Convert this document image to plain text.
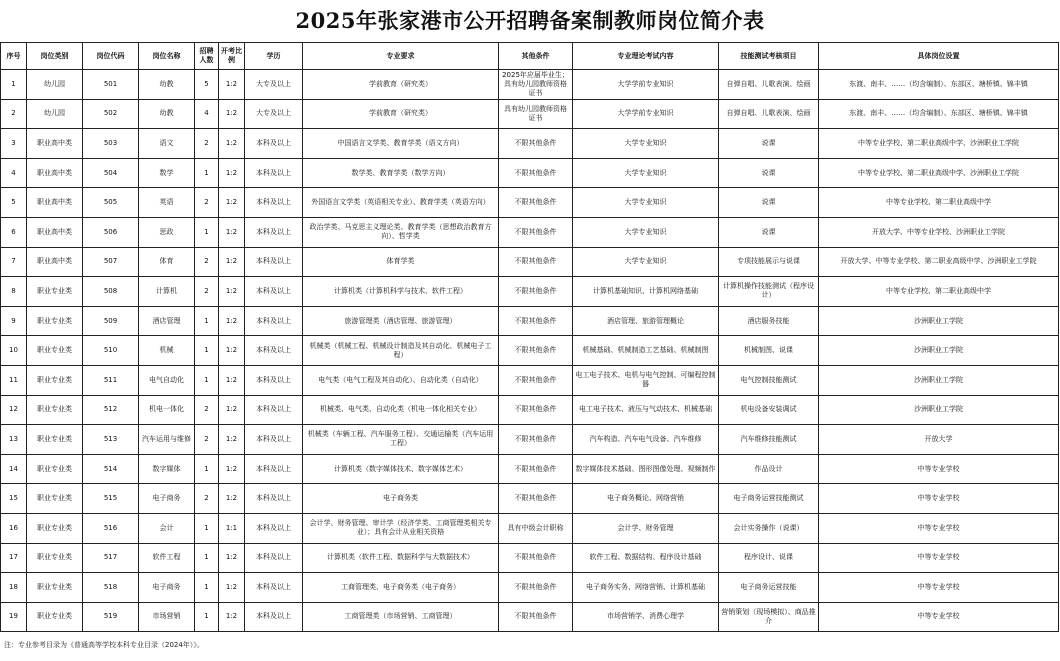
2025年张家港市公开招聘备案制教师岗位简介表
序号	岗位类别	岗位代码	岗位名称	招聘人数	开考比例	学历	专业要求	其他条件	专业理论考试内容	技能测试考核项目	具体岗位设置
1	幼儿园	501	幼教	5	1:2	大专及以上	学前教育（研究类）	2025年应届毕业生；具有幼儿园教师资格证书	大学学前专业知识	自弹自唱、儿歌表演、绘画	东渡、南丰、……（均含编制）、东部区、塘桥镇、锦丰镇
2	幼儿园	502	幼教	4	1:2	大专及以上	学前教育（研究类）	具有幼儿园教师资格证书	大学学前专业知识	自弹自唱、儿歌表演、绘画	东渡、南丰、……（均含编制）、东部区、塘桥镇、锦丰镇
3	职业高中类	503	语文	2	1:2	本科及以上	中国语言文学类、教育学类（语文方向）	不限其他条件	大学专业知识	说课	中等专业学校、第二职业高级中学、沙洲职业工学院
4	职业高中类	504	数学	1	1:2	本科及以上	数学类、教育学类（数学方向）	不限其他条件	大学专业知识	说课	中等专业学校、第二职业高级中学、沙洲职业工学院
5	职业高中类	505	英语	2	1:2	本科及以上	外国语言文学类（英语相关专业）、教育学类（英语方向）	不限其他条件	大学专业知识	说课	中等专业学校、第二职业高级中学
6	职业高中类	506	思政	1	1:2	本科及以上	政治学类、马克思主义理论类、教育学类（思想政治教育方向）、哲学类	不限其他条件	大学专业知识	说课	开放大学、中等专业学校、沙洲职业工学院
7	职业高中类	507	体育	2	1:2	本科及以上	体育学类	不限其他条件	大学专业知识	专项技能展示与说课	开放大学、中等专业学校、第二职业高级中学、沙洲职业工学院
8	职业专业类	508	计算机	2	1:2	本科及以上	计算机类（计算机科学与技术、软件工程）	不限其他条件	计算机基础知识、计算机网络基础	计算机操作技能测试（程序设计）	中等专业学校、第二职业高级中学
9	职业专业类	509	酒店管理	1	1:2	本科及以上	旅游管理类（酒店管理、旅游管理）	不限其他条件	酒店管理、旅游管理概论	酒店服务技能	沙洲职业工学院
10	职业专业类	510	机械	1	1:2	本科及以上	机械类（机械工程、机械设计制造及其自动化、机械电子工程）	不限其他条件	机械基础、机械制造工艺基础、机械制图	机械制图、说课	沙洲职业工学院
11	职业专业类	511	电气自动化	1	1:2	本科及以上	电气类（电气工程及其自动化）、自动化类（自动化）	不限其他条件	电工电子技术、电机与电气控制、可编程控制器	电气控制技能测试	沙洲职业工学院
12	职业专业类	512	机电一体化	2	1:2	本科及以上	机械类、电气类、自动化类（机电一体化相关专业）	不限其他条件	电工电子技术、液压与气动技术、机械基础	机电设备安装调试	沙洲职业工学院
13	职业专业类	513	汽车运用与维修	2	1:2	本科及以上	机械类（车辆工程、汽车服务工程）、交通运输类（汽车运用工程）	不限其他条件	汽车构造、汽车电气设备、汽车维修	汽车维修技能测试	开放大学
14	职业专业类	514	数字媒体	1	1:2	本科及以上	计算机类（数字媒体技术、数字媒体艺术）	不限其他条件	数字媒体技术基础、图形图像处理、视频制作	作品设计	中等专业学校
15	职业专业类	515	电子商务	2	1:2	本科及以上	电子商务类	不限其他条件	电子商务概论、网络营销	电子商务运营技能测试	中等专业学校
16	职业专业类	516	会计	1	1:1	本科及以上	会计学、财务管理、审计学（经济学类、工商管理类相关专业）；具有会计从业相关资格	具有中级会计职称	会计学、财务管理	会计实务操作（说课）	中等专业学校
17	职业专业类	517	软件工程	1	1:2	本科及以上	计算机类（软件工程、数据科学与大数据技术）	不限其他条件	软件工程、数据结构、程序设计基础	程序设计、说课	中等专业学校
18	职业专业类	518	电子商务	1	1:2	本科及以上	工商管理类、电子商务类（电子商务）	不限其他条件	电子商务实务、网络营销、计算机基础	电子商务运营技能	中等专业学校
19	职业专业类	519	市场营销	1	1:2	本科及以上	工商管理类（市场营销、工商管理）	不限其他条件	市场营销学、消费心理学	营销策划（现场模拟）、商品推介	中等专业学校
注：专业参考目录为《普通高等学校本科专业目录（2024年）》。
